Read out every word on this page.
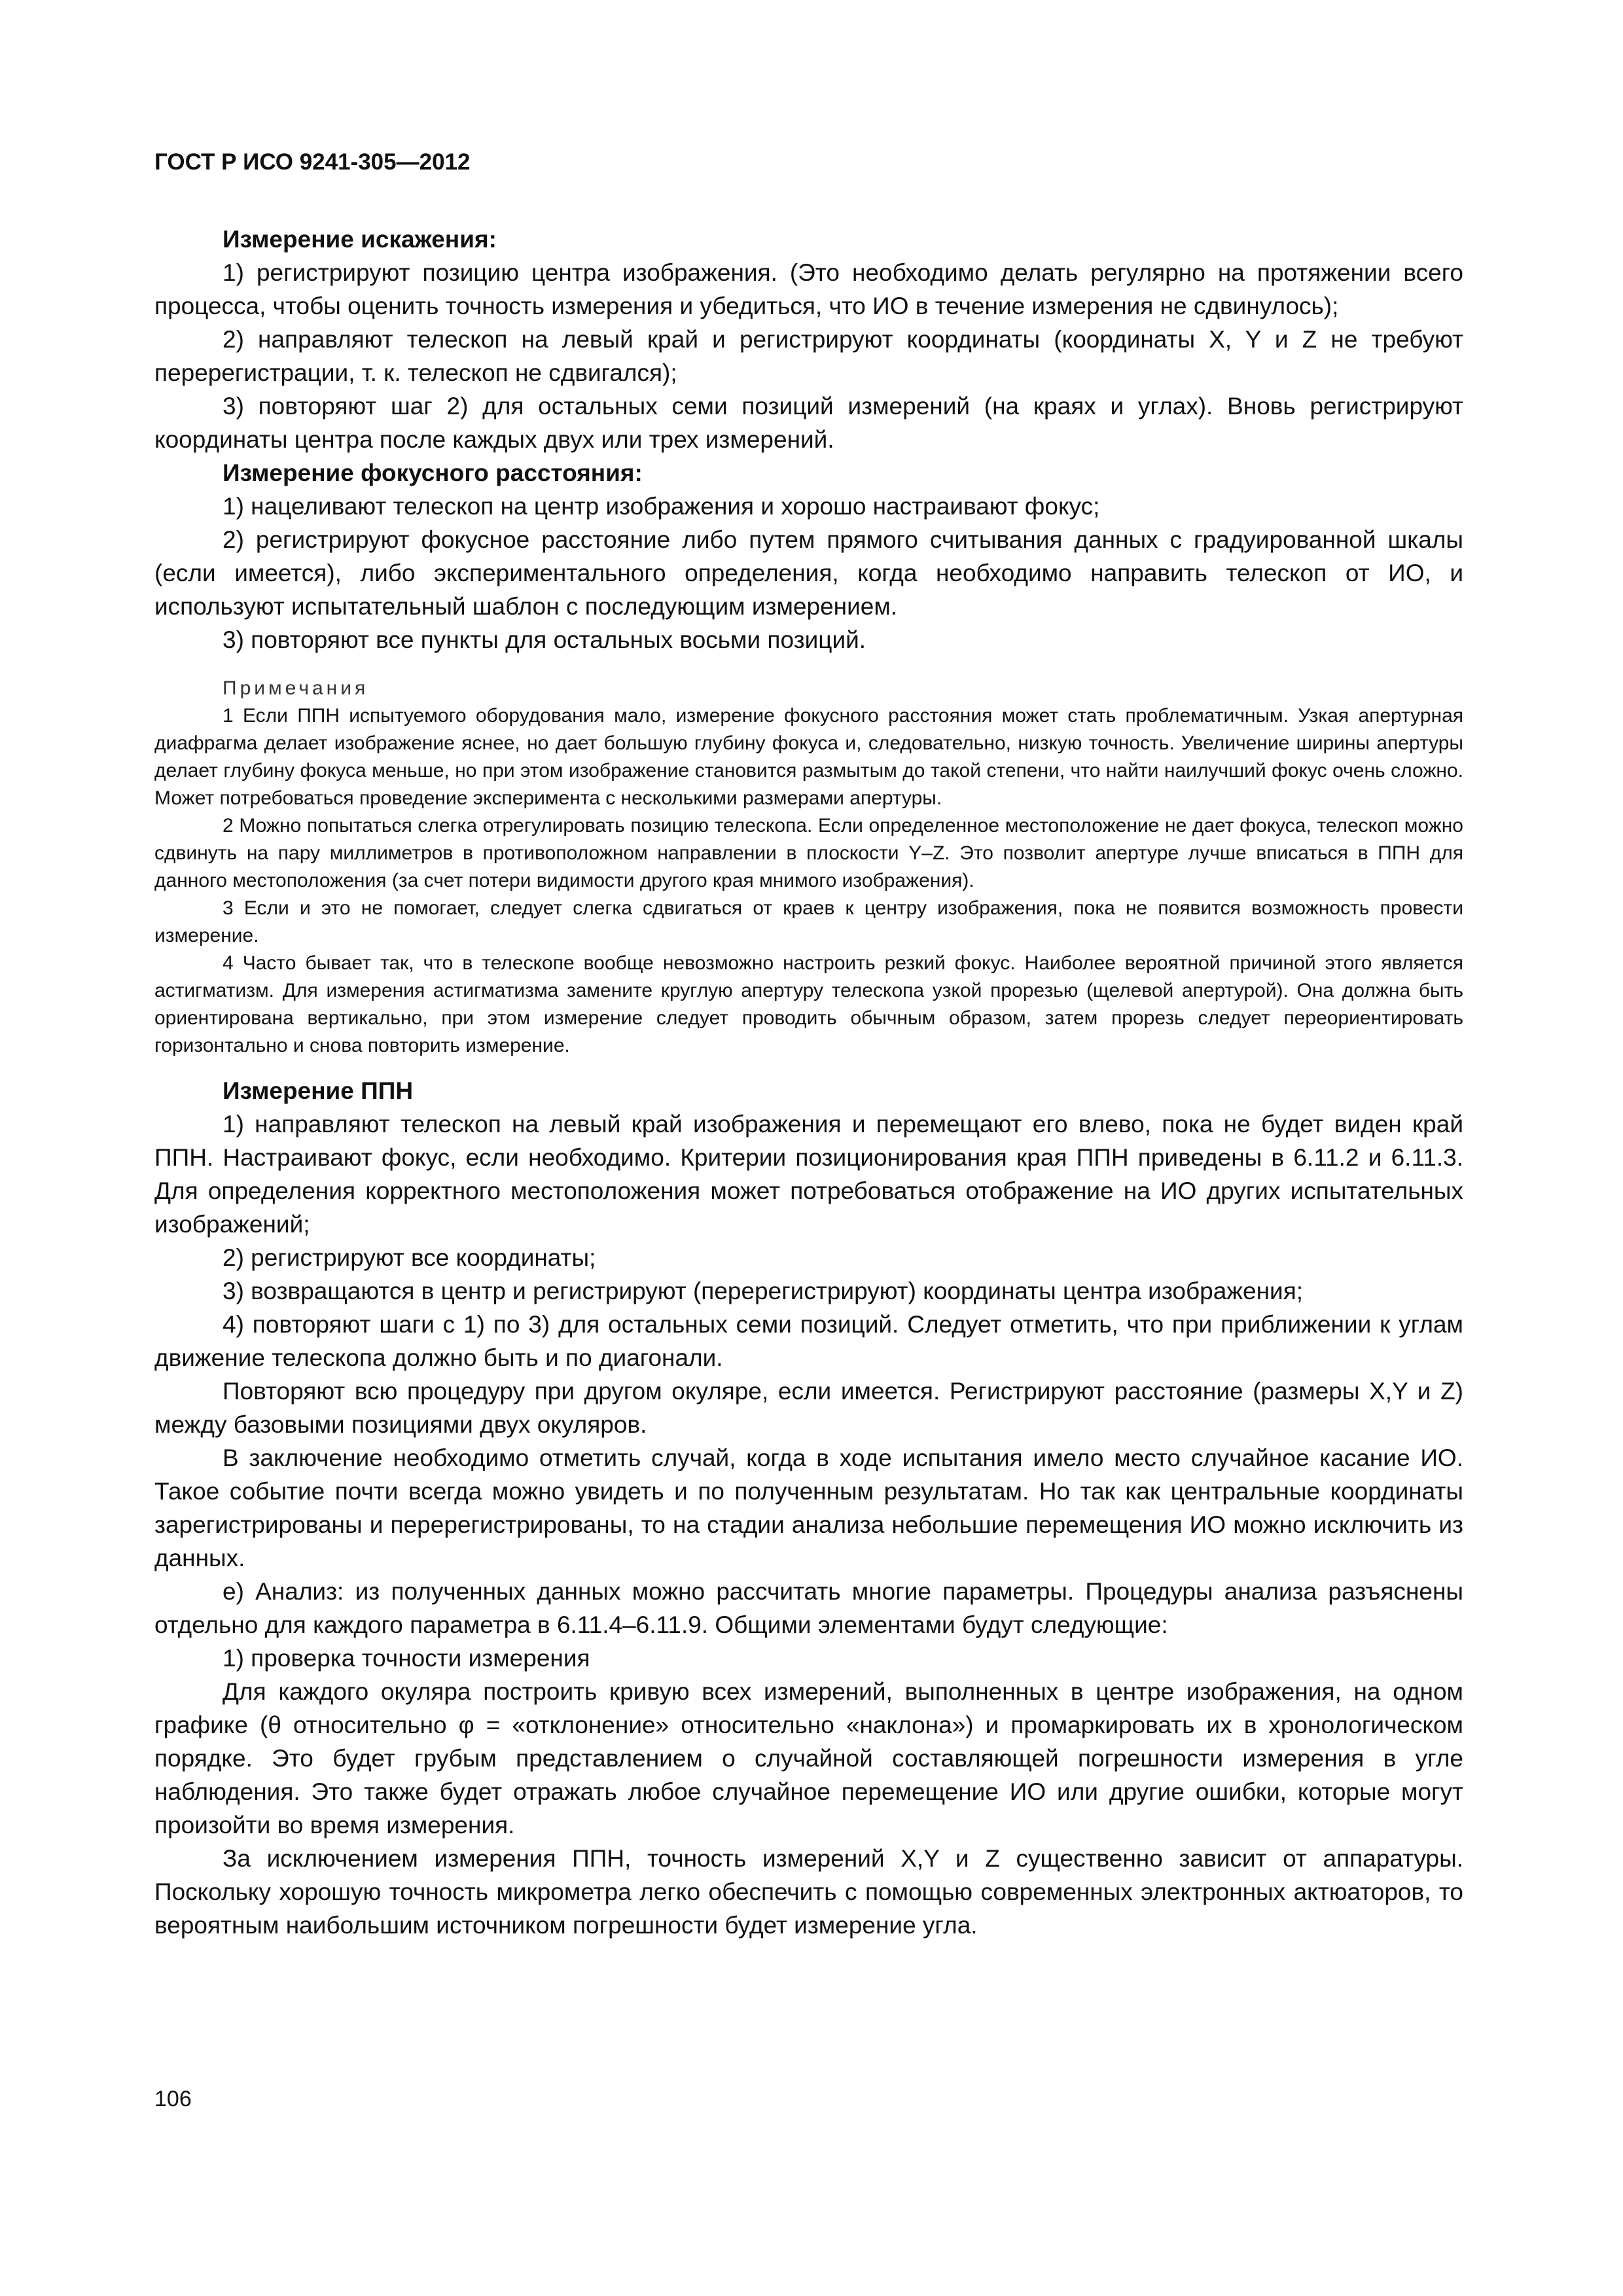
ГОСТ Р ИСО 9241-305—2012

Измерение искажения:

1) регистрируют позицию центра изображения. (Это необходимо делать регулярно на протяжении всего процесса, чтобы оценить точность измерения и убедиться, что ИО в течение измерения не сдвинулось);

2) направляют телескоп на левый край и регистрируют координаты (координаты X, Y и Z не требуют перерегистрации, т. к. телескоп не сдвигался);

3) повторяют шаг 2) для остальных семи позиций измерений (на краях и углах). Вновь регистрируют координаты центра после каждых двух или трех измерений.

Измерение фокусного расстояния:

1) нацеливают телескоп на центр изображения и хорошо настраивают фокус;

2) регистрируют фокусное расстояние либо путем прямого считывания данных с градуированной шкалы (если имеется), либо экспериментального определения, когда необходимо направить телескоп от ИО, и используют испытательный шаблон с последующим измерением.

3) повторяют все пункты для остальных восьми позиций.

Примечания

1 Если ППН испытуемого оборудования мало, измерение фокусного расстояния может стать проблематичным. Узкая апертурная диафрагма делает изображение яснее, но дает большую глубину фокуса и, следовательно, низкую точность. Увеличение ширины апертуры делает глубину фокуса меньше, но при этом изображение становится размытым до такой степени, что найти наилучший фокус очень сложно. Может потребоваться проведение эксперимента с несколькими размерами апертуры.

2 Можно попытаться слегка отрегулировать позицию телескопа. Если определенное местоположение не дает фокуса, телескоп можно сдвинуть на пару миллиметров в противоположном направлении в плоскости Y–Z. Это позволит апертуре лучше вписаться в ППН для данного местоположения (за счет потери видимости другого края мнимого изображения).

3 Если и это не помогает, следует слегка сдвигаться от краев к центру изображения, пока не появится возможность провести измерение.

4 Часто бывает так, что в телескопе вообще невозможно настроить резкий фокус. Наиболее вероятной причиной этого является астигматизм. Для измерения астигматизма замените круглую апертуру телескопа узкой прорезью (щелевой апертурой). Она должна быть ориентирована вертикально, при этом измерение следует проводить обычным образом, затем прорезь следует переориентировать горизонтально и снова повторить измерение.

Измерение ППН

1) направляют телескоп на левый край изображения и перемещают его влево, пока не будет виден край ППН. Настраивают фокус, если необходимо. Критерии позиционирования края ППН приведены в 6.11.2 и 6.11.3. Для определения корректного местоположения может потребоваться отображение на ИО других испытательных изображений;

2) регистрируют все координаты;

3) возвращаются в центр и регистрируют (перерегистрируют) координаты центра изображения;

4) повторяют шаги с 1) по 3) для остальных семи позиций. Следует отметить, что при приближении к углам движение телескопа должно быть и по диагонали.

Повторяют всю процедуру при другом окуляре, если имеется. Регистрируют расстояние (размеры X,Y и Z) между базовыми позициями двух окуляров.

В заключение необходимо отметить случай, когда в ходе испытания имело место случайное касание ИО. Такое событие почти всегда можно увидеть и по полученным результатам. Но так как центральные координаты зарегистрированы и перерегистрированы, то на стадии анализа небольшие перемещения ИО можно исключить из данных.

e) Анализ: из полученных данных можно рассчитать многие параметры. Процедуры анализа разъяснены отдельно для каждого параметра в 6.11.4–6.11.9. Общими элементами будут следующие:

1) проверка точности измерения

Для каждого окуляра построить кривую всех измерений, выполненных в центре изображения, на одном графике (θ относительно φ = «отклонение» относительно «наклона») и промаркировать их в хронологическом порядке. Это будет грубым представлением о случайной составляющей погрешности измерения в угле наблюдения. Это также будет отражать любое случайное перемещение ИО или другие ошибки, которые могут произойти во время измерения.

За исключением измерения ППН, точность измерений X,Y и Z существенно зависит от аппаратуры. Поскольку хорошую точность микрометра легко обеспечить с помощью современных электронных актюаторов, то вероятным наибольшим источником погрешности будет измерение угла.

106
